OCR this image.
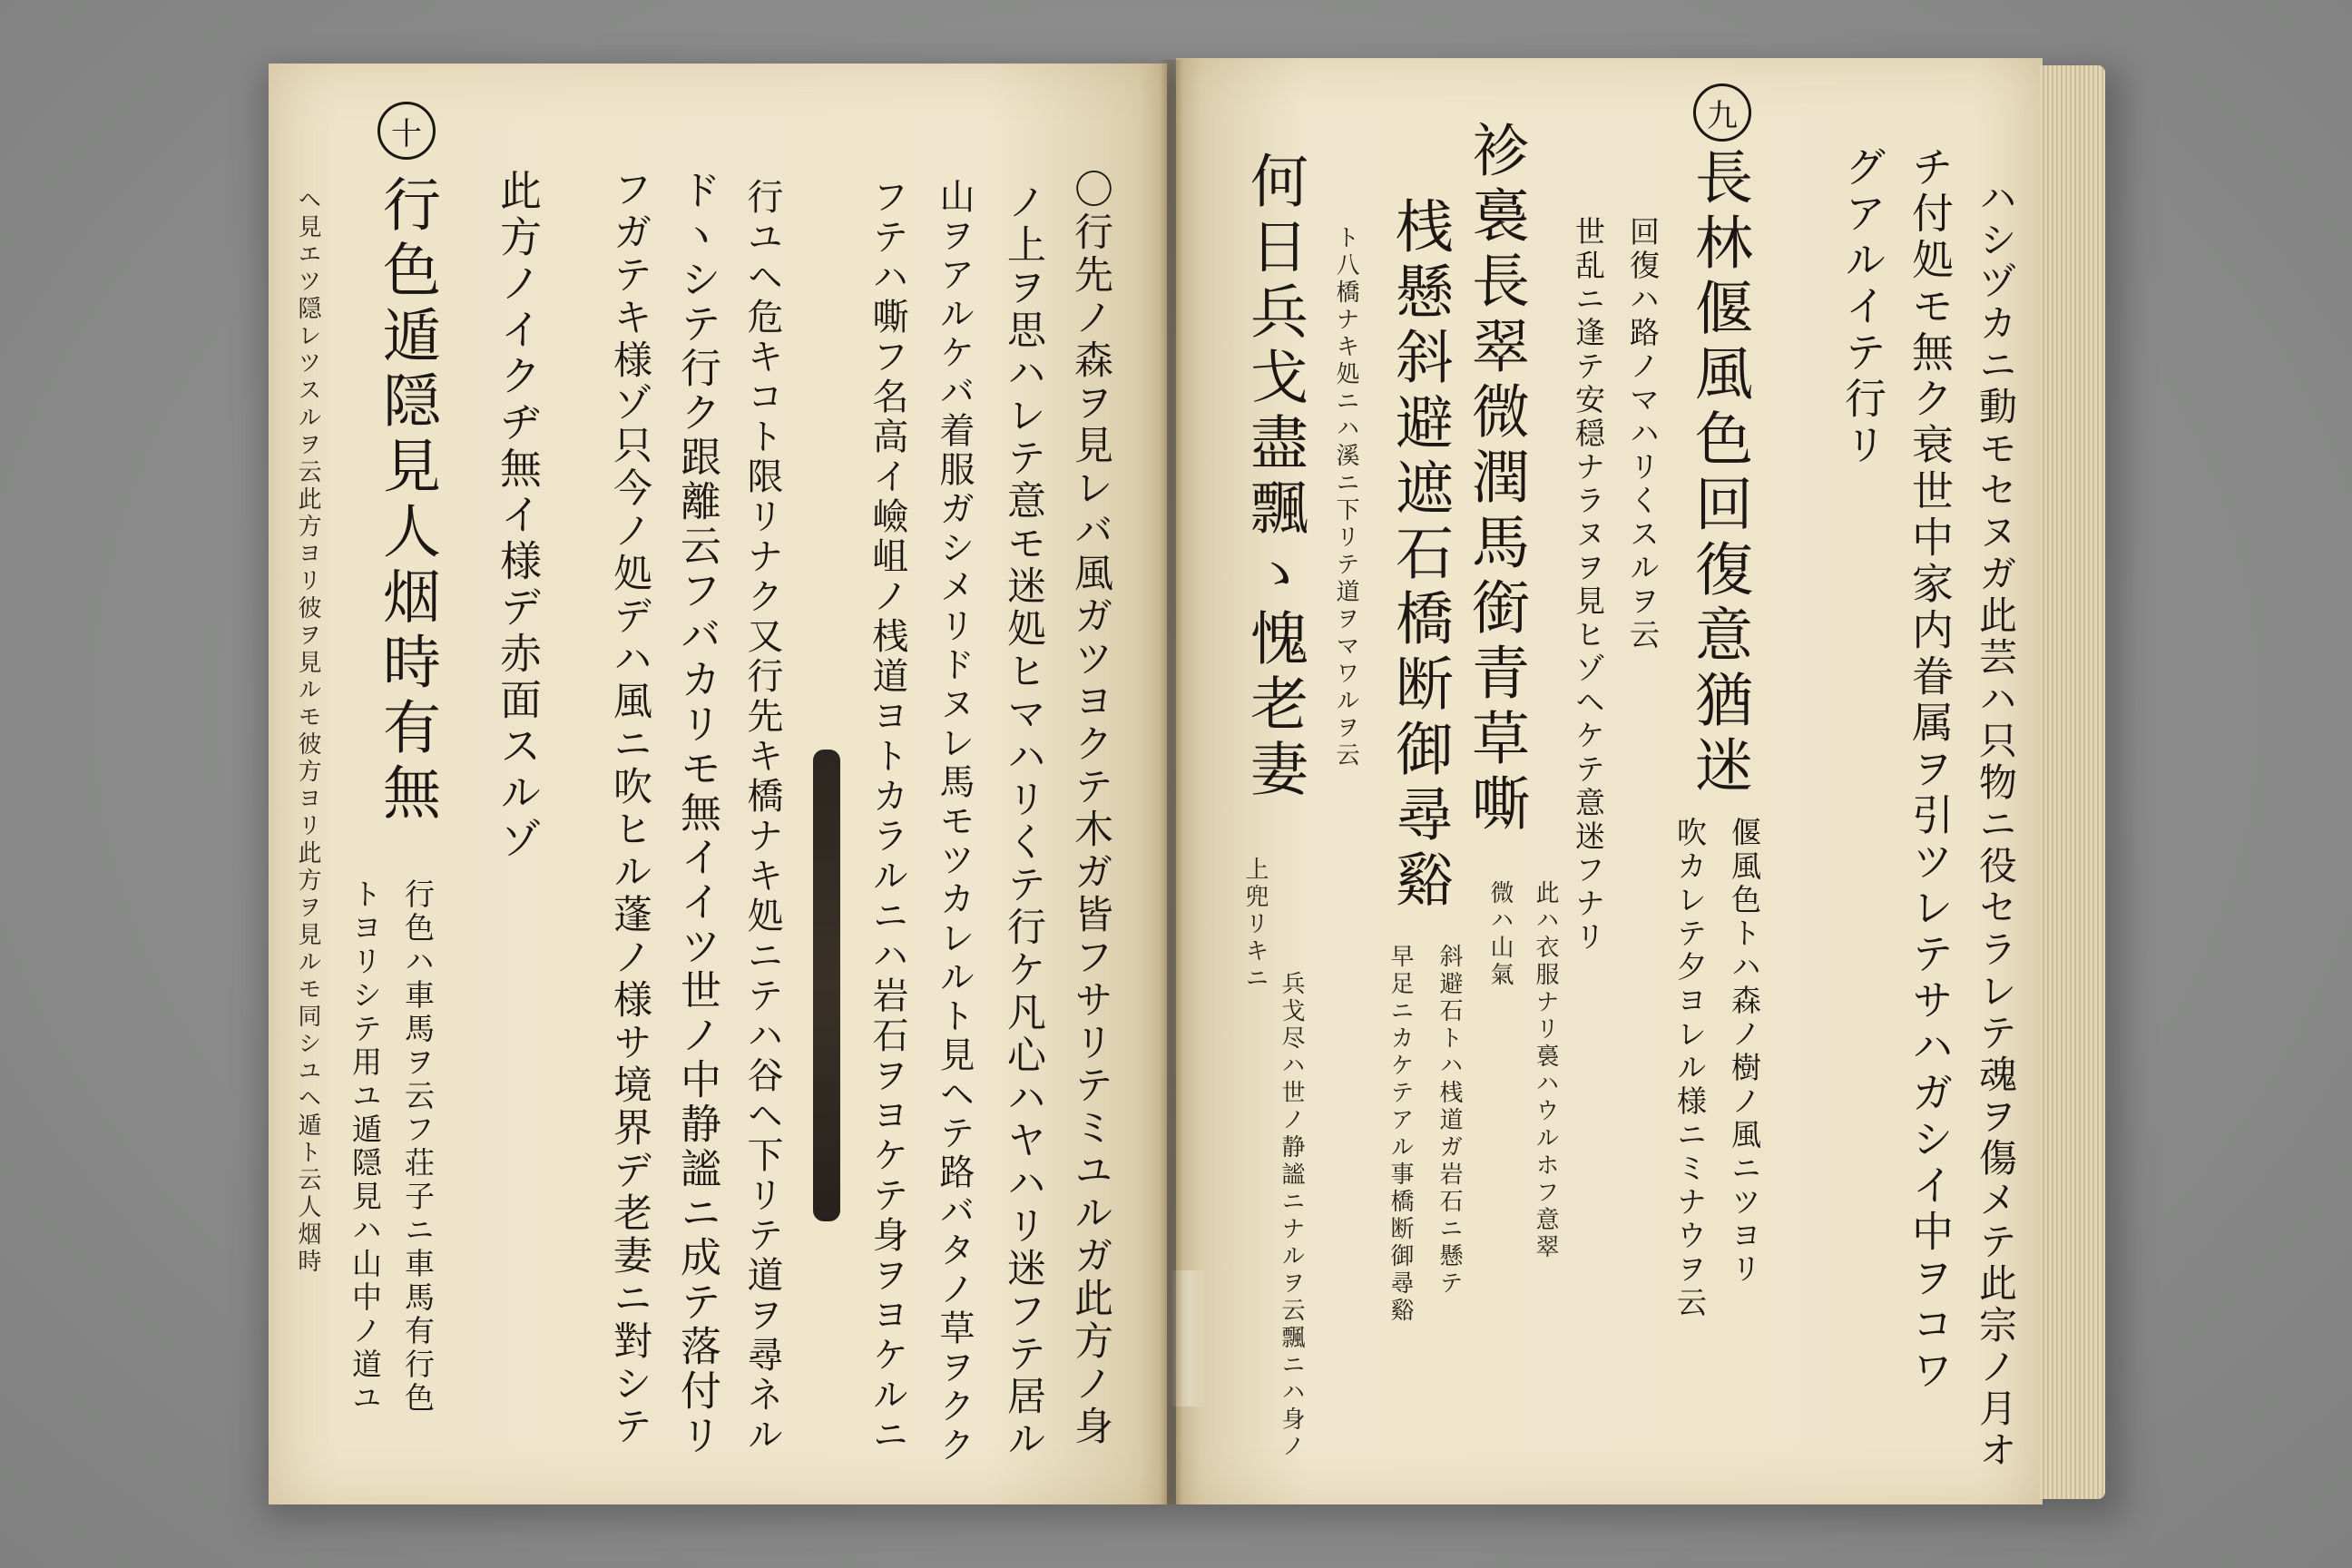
九
ハシヅカニ動モセヌガ此芸ハ只物ニ役セラレテ魂ヲ傷メテ此宗ノ月オ
チ付処モ無ク衰世中家内眷属ヲ引ツレテサハガシイ中ヲコワ
グアルイテ行リ
長林偃風色回復意猶迷
回復ハ路ノマハリくスルヲ云
世乱ニ逢テ安穏ナラヌヲ見ヒゾヘケテ意迷フナリ
袗裛長翠微潤馬銜青草嘶
桟懸斜避遮石橋断御尋谿
ト八橋ナキ処ニハ溪ニ下リテ道ヲマワルヲ云
何日兵戈盡飄ゝ愧老妻
上兜リキニ	偃風色トハ森ノ樹ノ風ニツヨリ
吹カレテ夕ヨレル様ニミナウヲ云
此ハ衣服ナリ裛ハウルホフ意翠
微ハ山氣
斜避石トハ桟道ガ岩石ニ懸テ
早足ニカケテアル事橋断御尋谿
兵戈尽ハ世ノ静謐ニナルヲ云飄ニハ身ノ
十
〇行先ノ森ヲ見レバ風ガツヨクテ木ガ皆フサリテミユルガ此方ノ身
ノ上ヲ思ハレテ意モ迷処ヒマハリくテ行ケ凡心ハヤハリ迷フテ居ル
山ヲアルケバ着服ガシメリドヌレ馬モツカレルト見ヘテ路バタノ草ヲクク
フテハ嘶フ名高イ嶮岨ノ桟道ヨトカラルニハ岩石ヲヨケテ身ヲヨケルニ
行ユヘ危キコト限リナク又行先キ橋ナキ処ニテハ谷ヘ下リテ道ヲ尋ネル
ドヽシテ行ク跟離云フバカリモ無イイツ世ノ中静謐ニ成テ落付リ
フガテキ様ゾ只今ノ処デハ風ニ吹ヒル蓬ノ様サ境界デ老妻ニ對シテ
此方ノイクヂ無イ様デ赤面スルゾ
行色遁隠見人烟時有無
ヘ見エツ隠レツスルヲ云此方ヨリ彼ヲ見ルモ彼方ヨリ此方ヲ見ルモ同シユヘ遁ト云人烟時	行色ハ車馬ヲ云フ荘子ニ車馬有行色
トヨリシテ用ユ遁隠見ハ山中ノ道ユ
